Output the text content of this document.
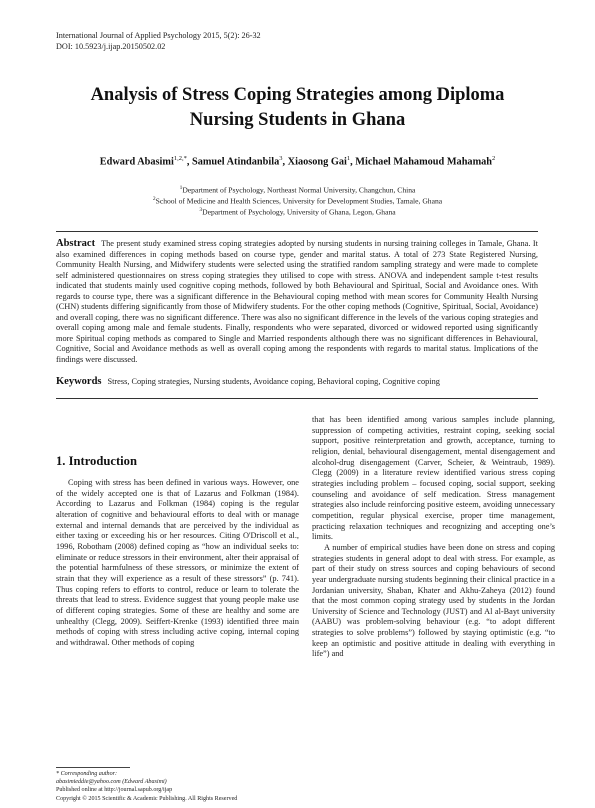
International Journal of Applied Psychology 2015, 5(2): 26-32
DOI: 10.5923/j.ijap.20150502.02
Analysis of Stress Coping Strategies among Diploma
Nursing Students in Ghana
Edward Abasimi$^{1,2,*}$, Samuel Atindanbila$^3$, Xiaosong Gai$^1$, Michael Mahamoud Mahamah$^2$
$^1$Department of Psychology, Northeast Normal University, Changchun, China
$^2$School of Medicine and Health Sciences, University for Development Studies, Tamale, Ghana
$^3$Department of Psychology, University of Ghana, Legon, Ghana
Abstract The present study examined stress coping strategies adopted by nursing students in nursing training colleges in Tamale, Ghana. It also examined differences in coping methods based on course type, gender and marital status. A total of 273 State Registered Nursing, Community Health Nursing, and Midwifery students were selected using the stratified random sampling strategy and were made to complete self administered questionnaires on stress coping strategies they utilised to cope with stress. ANOVA and independent sample t-test results indicated that students mainly used cognitive coping methods, followed by both Behavioural and Spiritual, Social and Avoidance ones. With regards to course type, there was a significant difference in the Behavioural coping method with mean scores for Community Health Nursing (CHN) students differing significantly from those of Midwifery students. For the other coping methods (Cognitive, Spiritual, Social, Avoidance) and overall coping, there was no significant difference. There was also no significant difference in the levels of the various coping strategies and overall coping among male and female students. Finally, respondents who were separated, divorced or widowed reported using significantly more Spiritual coping methods as compared to Single and Married respondents although there was no significant differences in Behavioural, Cognitive, Social and Avoidance methods as well as overall coping among the respondents with regards to marital status. Implications of the findings were discussed.
Keywords Stress, Coping strategies, Nursing students, Avoidance coping, Behavioral coping, Cognitive coping
1. Introduction

Coping with stress has been defined in various ways. However, one of the widely accepted one is that of Lazarus and Folkman (1984). According to Lazarus and Folkman (1984) coping is the regular alteration of cognitive and behavioural efforts to deal with or manage external and internal demands that are perceived by the individual as either taxing or exceeding his or her resources. Citing O'Driscoll et al., 1996, Robotham (2008) defined coping as “how an individual seeks to: eliminate or reduce stressors in their environment, alter their appraisal of the potential harmfulness of these stressors, or minimize the extent of strain that they will experience as a result of these stressors” (p. 741). Thus coping refers to efforts to control, reduce or learn to tolerate the threats that lead to stress. Evidence suggest that young people make use of different coping strategies. Some of these are healthy and some are unhealthy (Clegg, 2009). Seiffert-Krenke (1993) identified three main methods of coping with stress including active coping, internal coping and withdrawal. Other methods of coping

that has been identified among various samples include planning, suppression of competing activities, restraint coping, seeking social support, positive reinterpretation and growth, acceptance, turning to religion, denial, behavioural disengagement, mental disengagement and alcohol-drug disengagement (Carver, Scheier, & Weintraub, 1989). Clegg (2009) in a literature review identified various stress coping strategies including problem – focused coping, social support, seeking counseling and avoidance of self medication. Stress management strategies also include reinforcing positive esteem, avoiding unnecessary competition, regular physical exercise, proper time management, practicing relaxation techniques and recognizing and accepting one’s limits.

A number of empirical studies have been done on stress and coping strategies students in general adopt to deal with stress. For example, as part of their study on stress sources and coping behaviours of second year undergraduate nursing students beginning their clinical practice in a Jordanian university, Shaban, Khater and Akhu-Zaheya (2012) found that the most common coping strategy used by students in the Jordan University of Science and Technology (JUST) and Al al-Bayt university (AABU) was problem-solving behaviour (e.g. “to adopt different strategies to solve problems”) followed by staying optimistic (e.g. “to keep an optimistic and positive attitude in dealing with everything in life”) and

* Corresponding author:
abasimieddie@yahoo.com (Edward Abasimi)
Published online at http://journal.sapub.org/ijap
Copyright © 2015 Scientific & Academic Publishing. All Rights Reserved
